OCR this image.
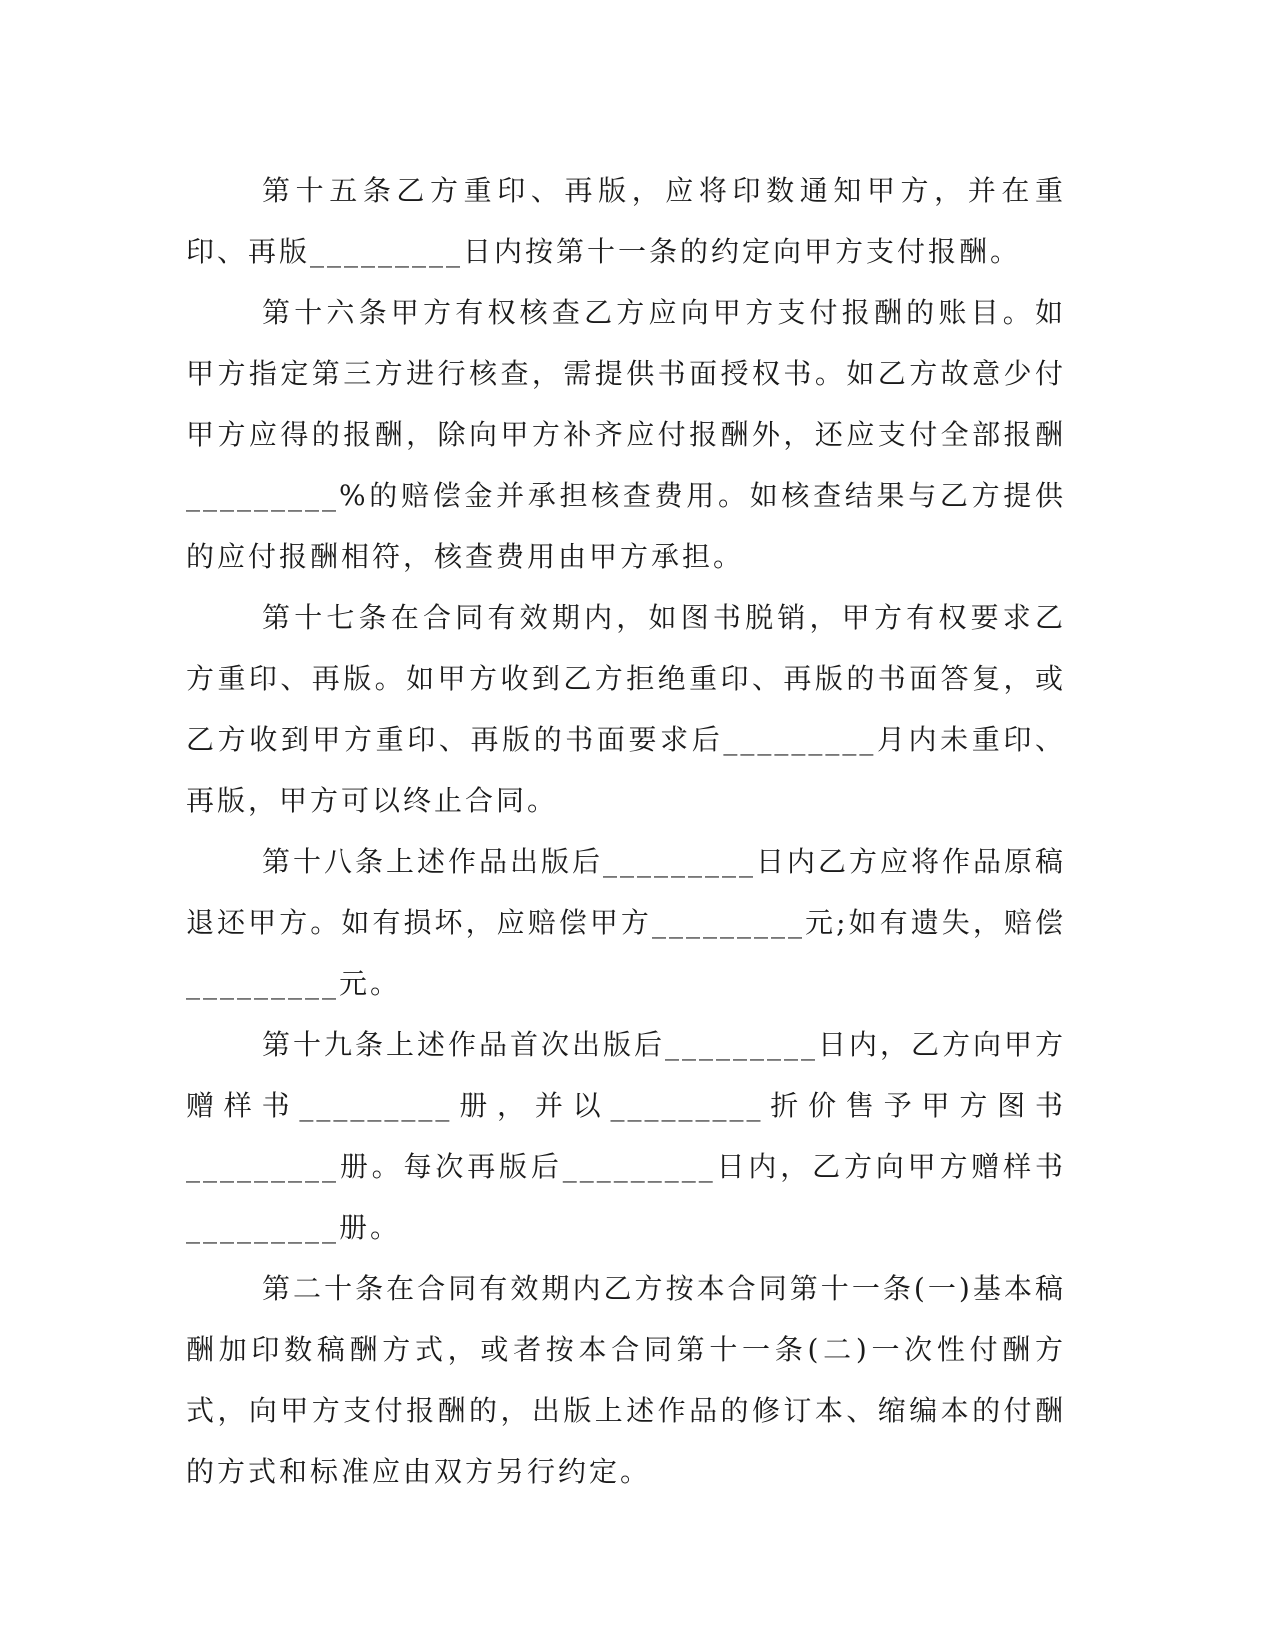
第十五条乙方重印、再版，应将印数通知甲方，并在重印、再版_________日内按第十一条的约定向甲方支付报酬。

第十六条甲方有权核查乙方应向甲方支付报酬的账目。如甲方指定第三方进行核查，需提供书面授权书。如乙方故意少付甲方应得的报酬，除向甲方补齐应付报酬外，还应支付全部报酬_________%的赔偿金并承担核查费用。如核查结果与乙方提供的应付报酬相符，核查费用由甲方承担。

第十七条在合同有效期内，如图书脱销，甲方有权要求乙方重印、再版。如甲方收到乙方拒绝重印、再版的书面答复，或乙方收到甲方重印、再版的书面要求后_________月内未重印、再版，甲方可以终止合同。

第十八条上述作品出版后_________日内乙方应将作品原稿退还甲方。如有损坏，应赔偿甲方_________元;如有遗失，赔偿_________元。

第十九条上述作品首次出版后_________日内，乙方向甲方赠样书_________册，并以_________折价售予甲方图书_________册。每次再版后_________日内，乙方向甲方赠样书_________册。

第二十条在合同有效期内乙方按本合同第十一条(一)基本稿酬加印数稿酬方式，或者按本合同第十一条(二)一次性付酬方式，向甲方支付报酬的，出版上述作品的修订本、缩编本的付酬的方式和标准应由双方另行约定。
